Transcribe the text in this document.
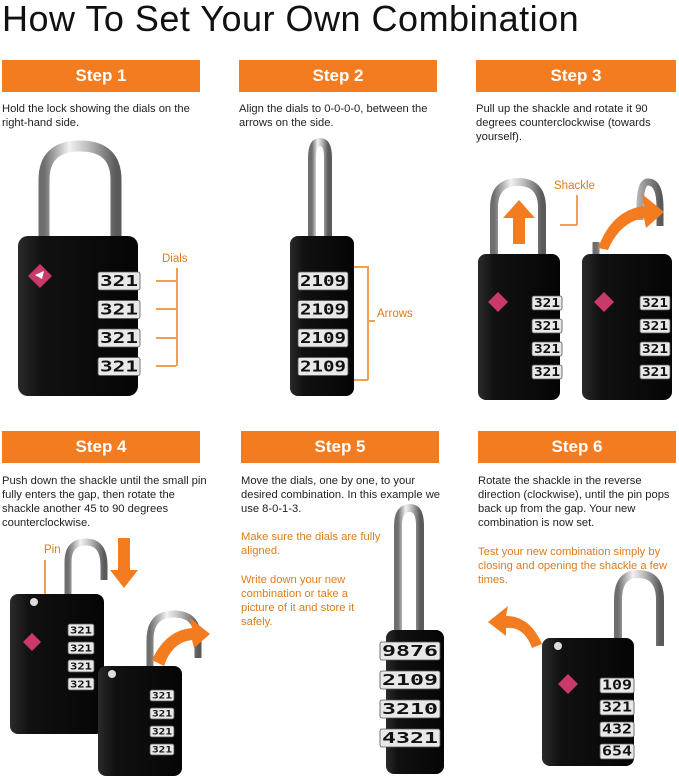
How To Set Your Own Combination
Step 1	Step 2	Step 3
Step 4	Step 5	Step 6
Hold the lock showing the dials on the right-hand side.
Align the dials to 0-0-0-0, between the arrows on the side.
Pull up the shackle and rotate it 90 degrees counterclockwise (towards yourself).
Push down the shackle until the small pin fully enters the gap, then rotate the shackle another 45 to 90 degrees counterclockwise.
Move the dials, one by one, to your desired combination. In this example we use 8-0-1-3.
Make sure the dials are fully aligned.
Write down your new combination or take a picture of it and store it safely.
Rotate the shackle in the reverse direction (clockwise), until the pin pops back up from the gap. Your new combination is now set.
Test your new combination simply by closing and opening the shackle a few times.
Dials
Arrows
Shackle
Pin
321
321
321
321
2109
2109
2109
2109
321
321
321
321
321
321
321
321
321
321
321
321
321
321
321
321
9876
2109
3210
4321
109
321
432
654
